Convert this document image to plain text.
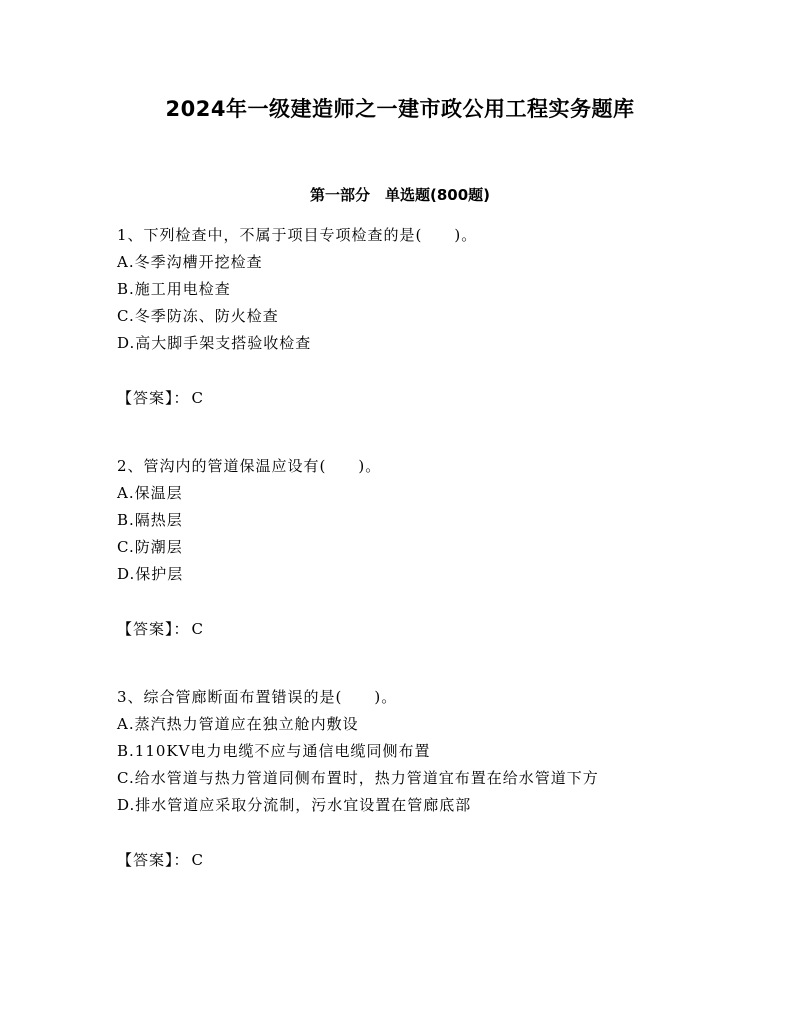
2024年一级建造师之一建市政公用工程实务题库
第一部分　单选题(800题)
1、下列检查中，不属于项目专项检查的是(　　)。
A.冬季沟槽开挖检查
B.施工用电检查
C.冬季防冻、防火检查
D.高大脚手架支搭验收检查
【答案】： C
2、管沟内的管道保温应设有(　　)。
A.保温层
B.隔热层
C.防潮层
D.保护层
【答案】： C
3、综合管廊断面布置错误的是(　　)。
A.蒸汽热力管道应在独立舱内敷设
B.110KV电力电缆不应与通信电缆同侧布置
C.给水管道与热力管道同侧布置时，热力管道宜布置在给水管道下方
D.排水管道应采取分流制，污水宜设置在管廊底部
【答案】： C
